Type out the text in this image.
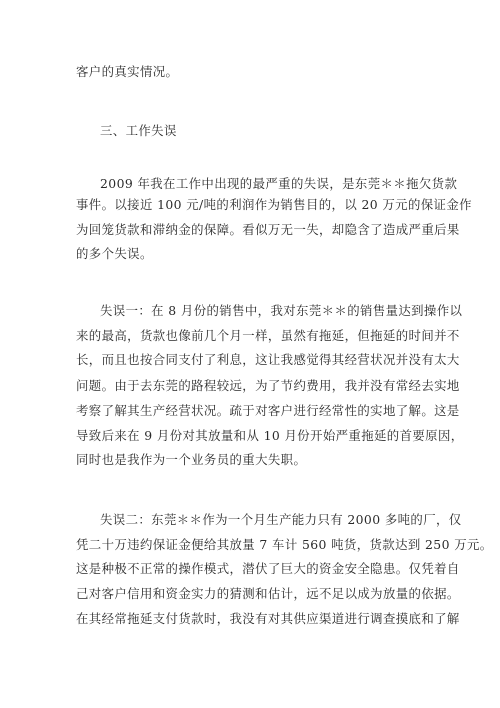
客户的真实情况。
三、工作失误
2009 年我在工作中出现的最严重的失误，是东莞＊＊拖欠货款
事件。以接近 100 元/吨的利润作为销售目的，以 20 万元的保证金作
为回笼货款和滞纳金的保障。看似万无一失，却隐含了造成严重后果
的多个失误。
失误一：在 8 月份的销售中，我对东莞＊＊的销售量达到操作以
来的最高，货款也像前几个月一样，虽然有拖延，但拖延的时间并不
长，而且也按合同支付了利息，这让我感觉得其经营状况并没有太大
问题。由于去东莞的路程较远，为了节约费用，我并没有常经去实地
考察了解其生产经营状况。疏于对客户进行经常性的实地了解。这是
导致后来在 9 月份对其放量和从 10 月份开始严重拖延的首要原因，
同时也是我作为一个业务员的重大失职。
失误二：东莞＊＊作为一个月生产能力只有 2000 多吨的厂，仅
凭二十万违约保证金便给其放量 7 车计 560 吨货，货款达到 250 万元。
这是种极不正常的操作模式，潜伏了巨大的资金安全隐患。仅凭着自
己对客户信用和资金实力的猜测和估计，远不足以成为放量的依据。
在其经常拖延支付货款时，我没有对其供应渠道进行调查摸底和了解
